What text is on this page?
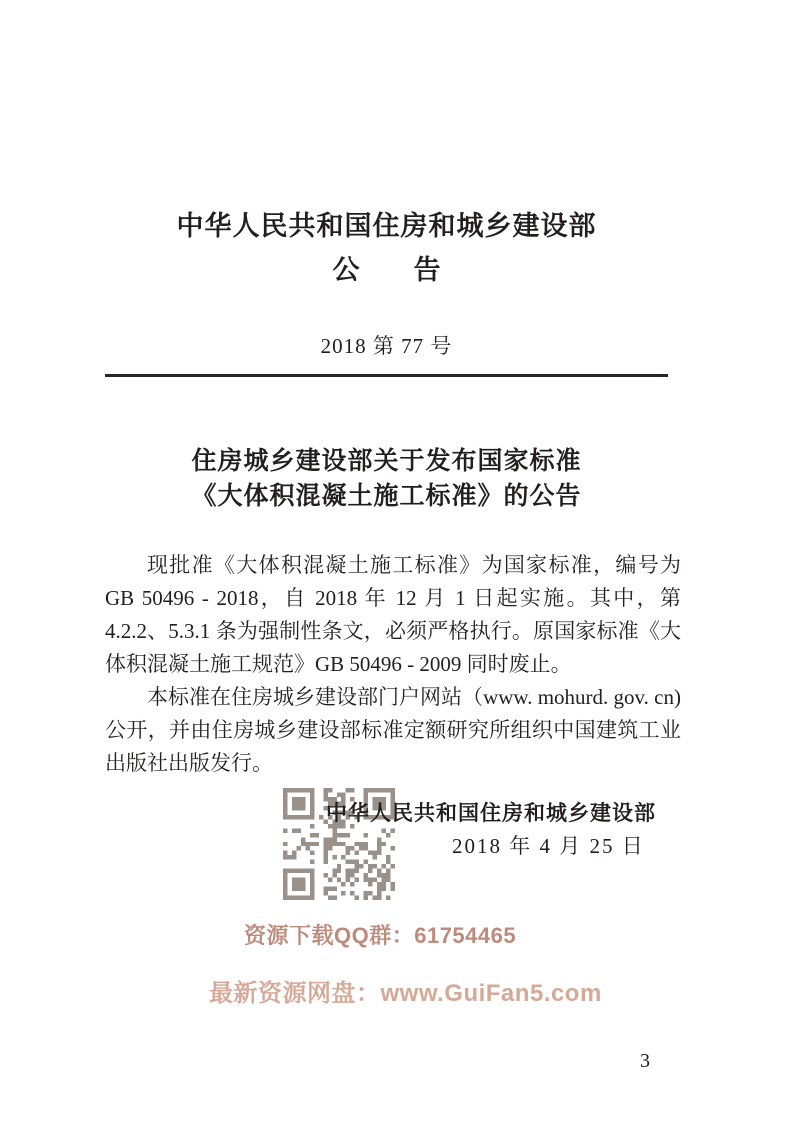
中华人民共和国住房和城乡建设部
公　　告
2018 第 77 号
住房城乡建设部关于发布国家标准
《大体积混凝土施工标准》的公告

现批准《大体积混凝土施工标准》为国家标准，编号为 GB 50496 - 2018，自 2018 年 12 月 1 日起实施。其中，第 4.2.2、5.3.1 条为强制性条文，必须严格执行。原国家标准《大体积混凝土施工规范》GB 50496 - 2009 同时废止。

本标准在住房城乡建设部门户网站（www. mohurd. gov. cn)公开，并由住房城乡建设部标准定额研究所组织中国建筑工业出版社出版发行。

中华人民共和国住房和城乡建设部
2018 年 4 月 25 日
资源下载QQ群：61754465
最新资源网盘：www.GuiFan5.com
3
